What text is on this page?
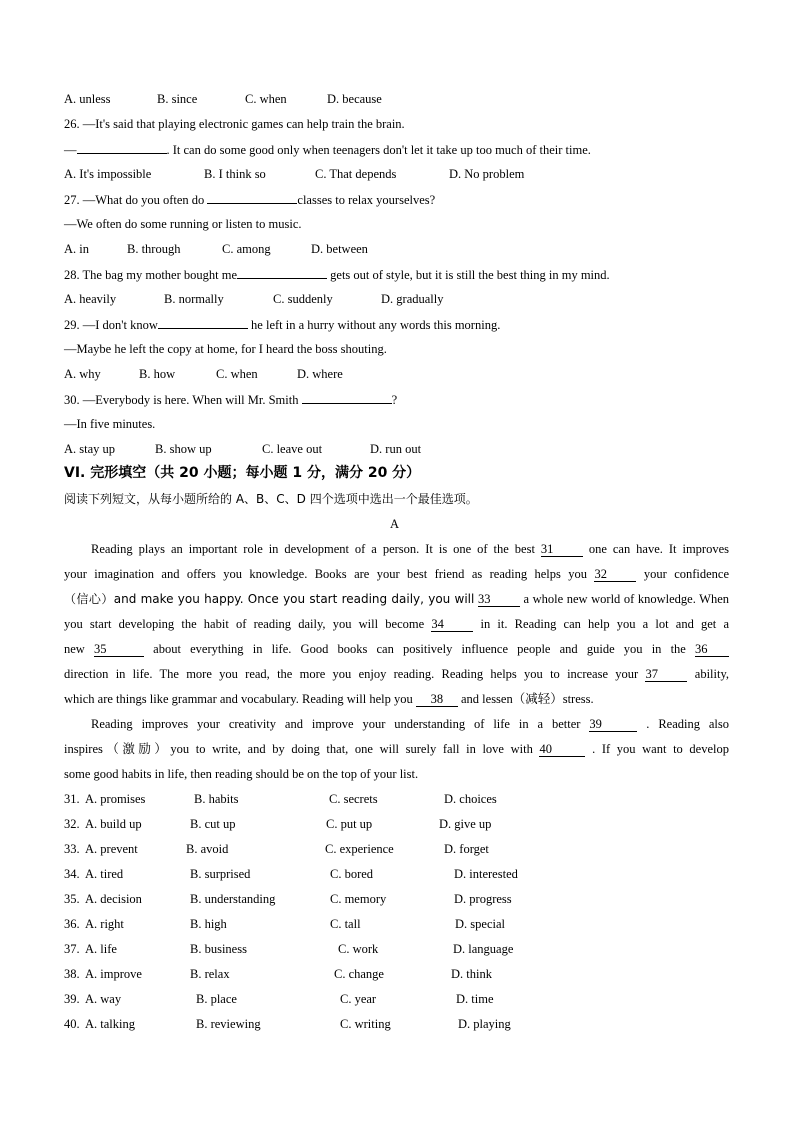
A. unless	B. since	C. when	D. because
26. —It's said that playing electronic games can help train the brain.
—	. It can do some good only when teenagers don't let it take up too much of their time.
A. It's impossible	B. I think so	C. That depends	D. No problem
27. —What do you often do	classes to relax yourselves?
—We often do some running or listen to music.
A. in	B. through	C. among	D. between
28. The bag my mother bought me	gets out of style, but it is still the best thing in my mind.
A. heavily	B. normally	C. suddenly	D. gradually
29. —I don't know	he left in a hurry without any words this morning.
—Maybe he left the copy at home, for I heard the boss shouting.
A. why	B. how	C. when	D. where
30. —Everybody is here. When will Mr. Smith	?
—In five minutes.
A. stay up	B. show up	C. leave out	D. run out
VI. 完形填空（共 20 小题；每小题 1 分，满分 20 分）
阅读下列短文，从每小题所给的 A、B、C、D 四个选项中选出一个最佳选项。
A
Reading plays an important role in development of a person. It is one of the best 31	one can have. It improves
your imagination and offers you knowledge. Books are your best friend as reading helps you 32	your confidence
（信心）and make you happy. Once you start reading daily, you will 33	a whole new world of knowledge. When
you start developing the habit of reading daily, you will become 34	in it. Reading can help you a lot and get a
new 35	about everything in life. Good books can positively influence people and guide you in the 36
direction in life. The more you read, the more you enjoy reading. Reading helps you to increase your 37	ability,
which are things like grammar and vocabulary. Reading will help you 38 and lessen（减轻）stress.
Reading improves your creativity and improve your understanding of life in a better 39	. Reading also
inspires（激励）you to write, and by doing that, one will surely fall in love with 40	. If you want to develop
some good habits in life, then reading should be on the top of your list.
31. A. promises	B. habits	C. secrets	D. choices
32. A. build up	B. cut up	C. put up	D. give up
33. A. prevent	B. avoid	C. experience	D. forget
34. A. tired	B. surprised	C. bored	D. interested
35. A. decision	B. understanding	C. memory	D. progress
36. A. right	B. high	C. tall	D. special
37. A. life	B. business	C. work	D. language
38. A. improve	B. relax	C. change	D. think
39. A. way	B. place	C. year	D. time
40. A. talking	B. reviewing	C. writing	D. playing
